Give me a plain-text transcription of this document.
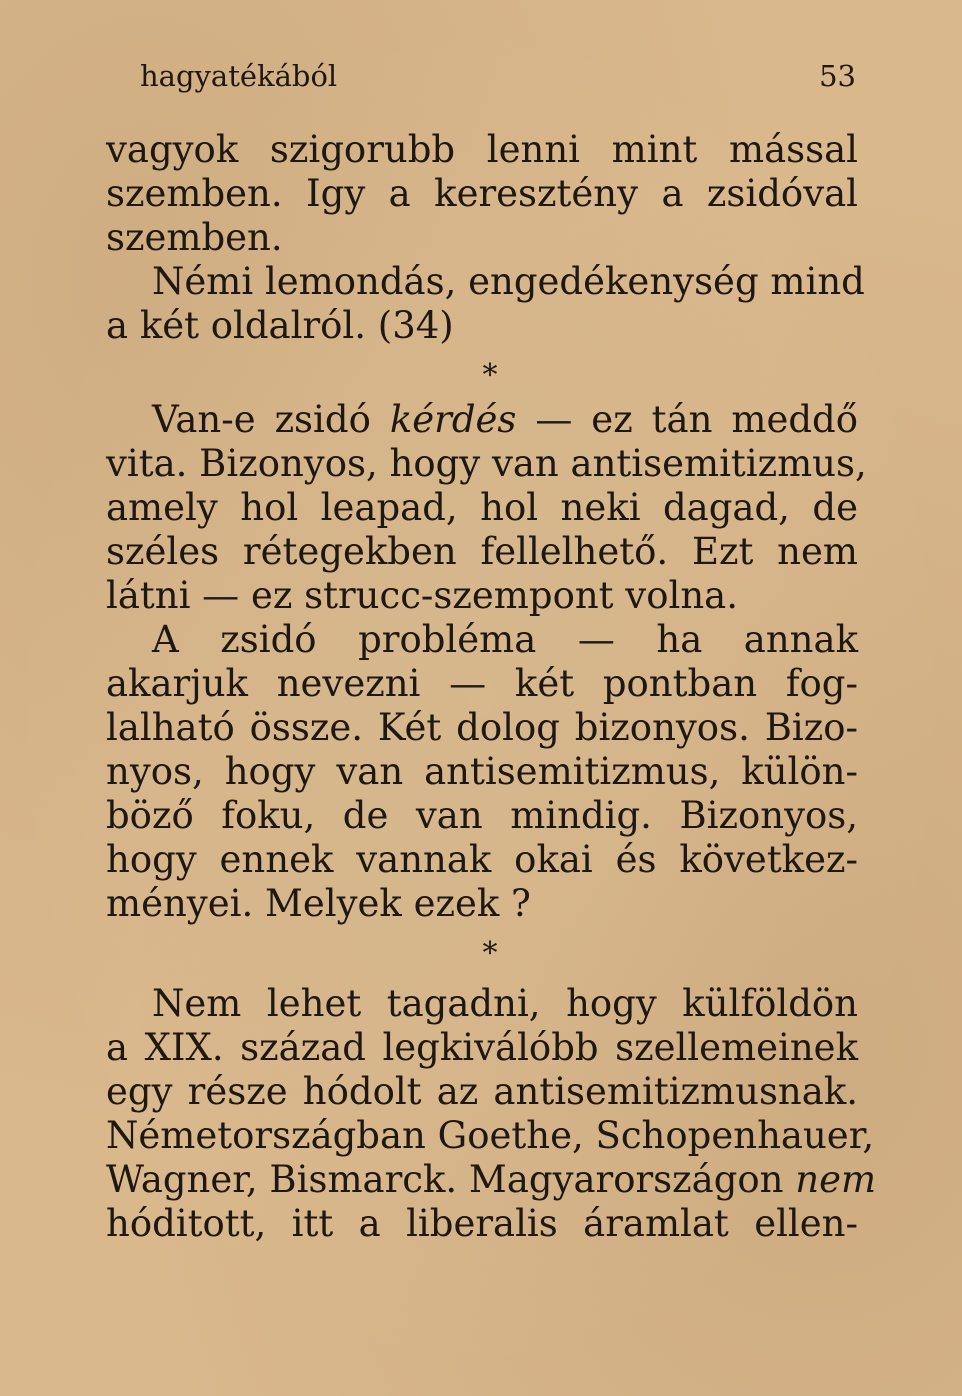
hagyatékából	53
vagyok szigorubb lenni mint mással
szemben. Igy a keresztény a zsidóval
szemben.
Némi lemondás, engedékenység mind
a két oldalról. (34)
*
Van-e zsidó kérdés — ez tán meddő
vita. Bizonyos, hogy van antisemitizmus,
amely hol leapad, hol neki dagad, de
széles rétegekben fellelhető. Ezt nem
látni — ez strucc-szempont volna.
A zsidó probléma — ha annak
akarjuk nevezni — két pontban fog-
lalható össze. Két dolog bizonyos. Bizo-
nyos, hogy van antisemitizmus, külön-
böző foku, de van mindig. Bizonyos,
hogy ennek vannak okai és következ-
ményei. Melyek ezek ?
*
Nem lehet tagadni, hogy külföldön
a XIX. század legkiválóbb szellemeinek
egy része hódolt az antisemitizmusnak.
Németországban Goethe, Schopenhauer,
Wagner, Bismarck. Magyarországon nem
hóditott, itt a liberalis áramlat ellen-
